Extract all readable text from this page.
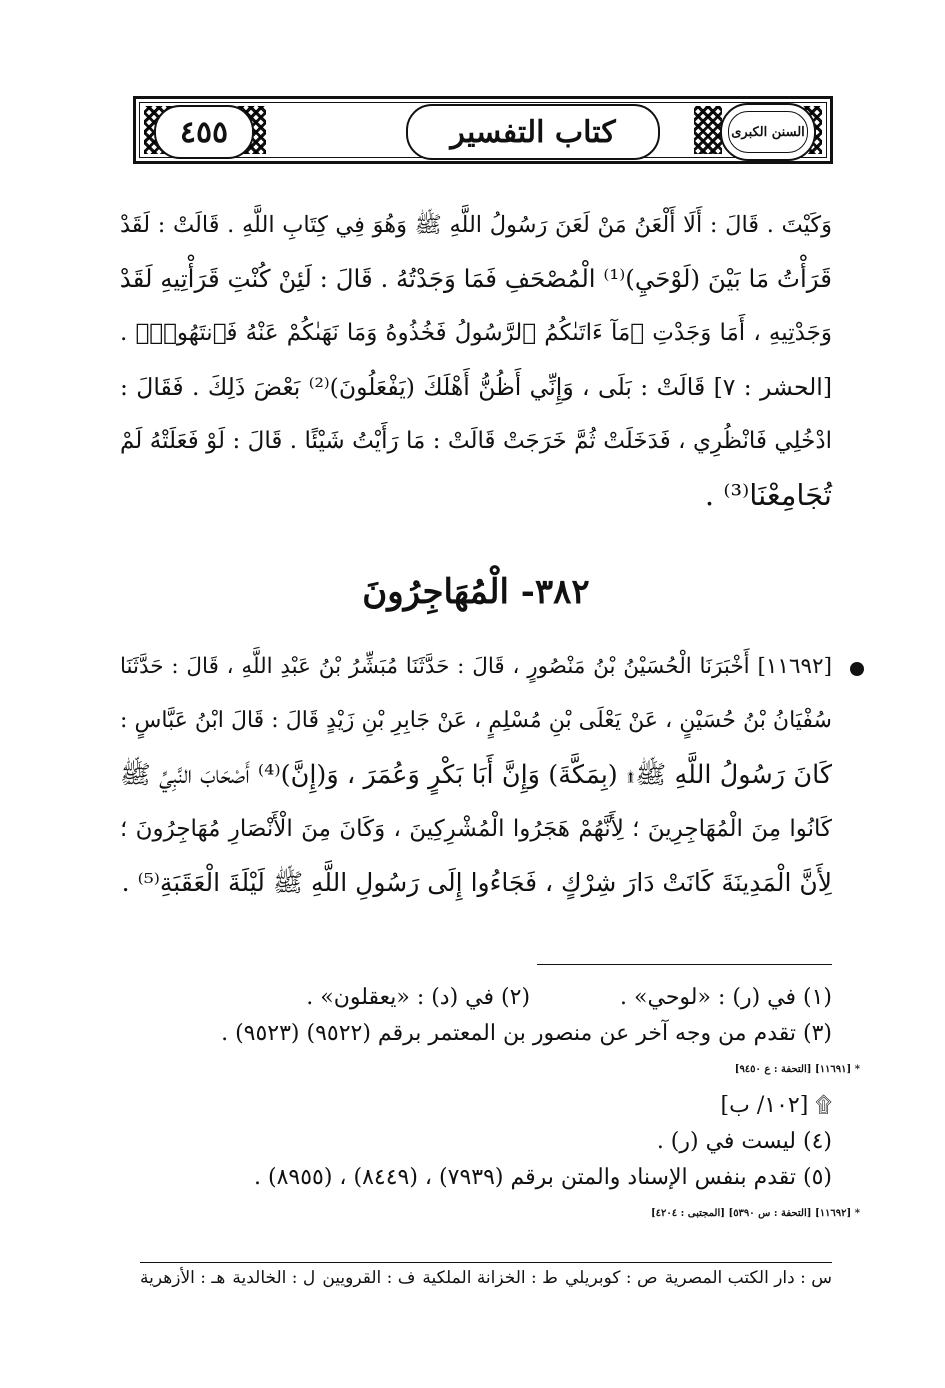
٤٥٥	كتاب التفسير	السنن الكبرى
وَكَيْتَ . قَالَ : أَلَا أَلْعَنُ مَنْ لَعَنَ رَسُولُ اللَّهِ ﷺ وَهُوَ فِي كِتَابِ اللَّهِ . قَالَتْ : لَقَدْ
قَرَأْتُ مَا بَيْنَ (لَوْحَيِ)⁽¹⁾ الْمُصْحَفِ فَمَا وَجَدْتُهُ . قَالَ : لَئِنْ كُنْتِ قَرَأْتِيهِ لَقَدْ
وَجَدْتِيهِ ، أَمَا وَجَدْتِ ﴿مَآ ءَاتَىٰكُمُ ٱلرَّسُولُ فَخُذُوهُ وَمَا نَهَىٰكُمْ عَنْهُ فَٱنتَهُوا۟﴾ .
[الحشر : ٧] قَالَتْ : بَلَى ، وَإِنِّي أَظُنُّ أَهْلَكَ (يَفْعَلُونَ)⁽²⁾ بَعْضَ ذَلِكَ . فَقَالَ :
ادْخُلِي فَانْظُرِي ، فَدَخَلَتْ ثُمَّ خَرَجَتْ قَالَتْ : مَا رَأَيْتُ شَيْئًا . قَالَ : لَوْ فَعَلَتْهُ لَمْ
تُجَامِعْنَا⁽³⁾ .
٣٨٢- الْمُهَاجِرُونَ
[١١٦٩٢] أَخْبَرَنَا الْحُسَيْنُ بْنُ مَنْصُورٍ ، قَالَ : حَدَّثَنَا مُبَشِّرُ بْنُ عَبْدِ اللَّهِ ، قَالَ : حَدَّثَنَا
سُفْيَانُ بْنُ حُسَيْنٍ ، عَنْ يَعْلَى بْنِ مُسْلِمٍ ، عَنْ جَابِرِ بْنِ زَيْدٍ قَالَ : قَالَ ابْنُ عَبَّاسٍ :
كَانَ رَسُولُ اللَّهِ ﷺ۩ (بِمَكَّةَ) وَإِنَّ أَبَا بَكْرٍ وَعُمَرَ ، وَ(إِنَّ)⁽⁴⁾ أَصْحَابَ النَّبِيِّ ﷺ
كَانُوا مِنَ الْمُهَاجِرِينَ ؛ لِأَنَّهُمْ هَجَرُوا الْمُشْرِكِينَ ، وَكَانَ مِنَ الْأَنْصَارِ مُهَاجِرُونَ ؛
لِأَنَّ الْمَدِينَةَ كَانَتْ دَارَ شِرْكٍ ، فَجَاءُوا إِلَى رَسُولِ اللَّهِ ﷺ لَيْلَةَ الْعَقَبَةِ⁽⁵⁾ .
(١) في (ر) : «لوحي» .
(٢) في (د) : «يعقلون» .
(٣) تقدم من وجه آخر عن منصور بن المعتمر برقم (٩٥٢٢) (٩٥٢٣) .
* [١١٦٩١] [التحفة : ع ٩٤٥٠]
۩ [١٠٢/ ب]
(٤) ليست في (ر) .
(٥) تقدم بنفس الإسناد والمتن برقم (٧٩٣٩) ، (٨٤٤٩) ، (٨٩٥٥) .
* [١١٦٩٢] [التحفة : س ٥٣٩٠] [المجتبى : ٤٢٠٤]
س : دار الكتب المصرية
ص : كوبريلي
ط : الخزانة الملكية
ف : القرويين
ل : الخالدية
هـ : الأزهرية
